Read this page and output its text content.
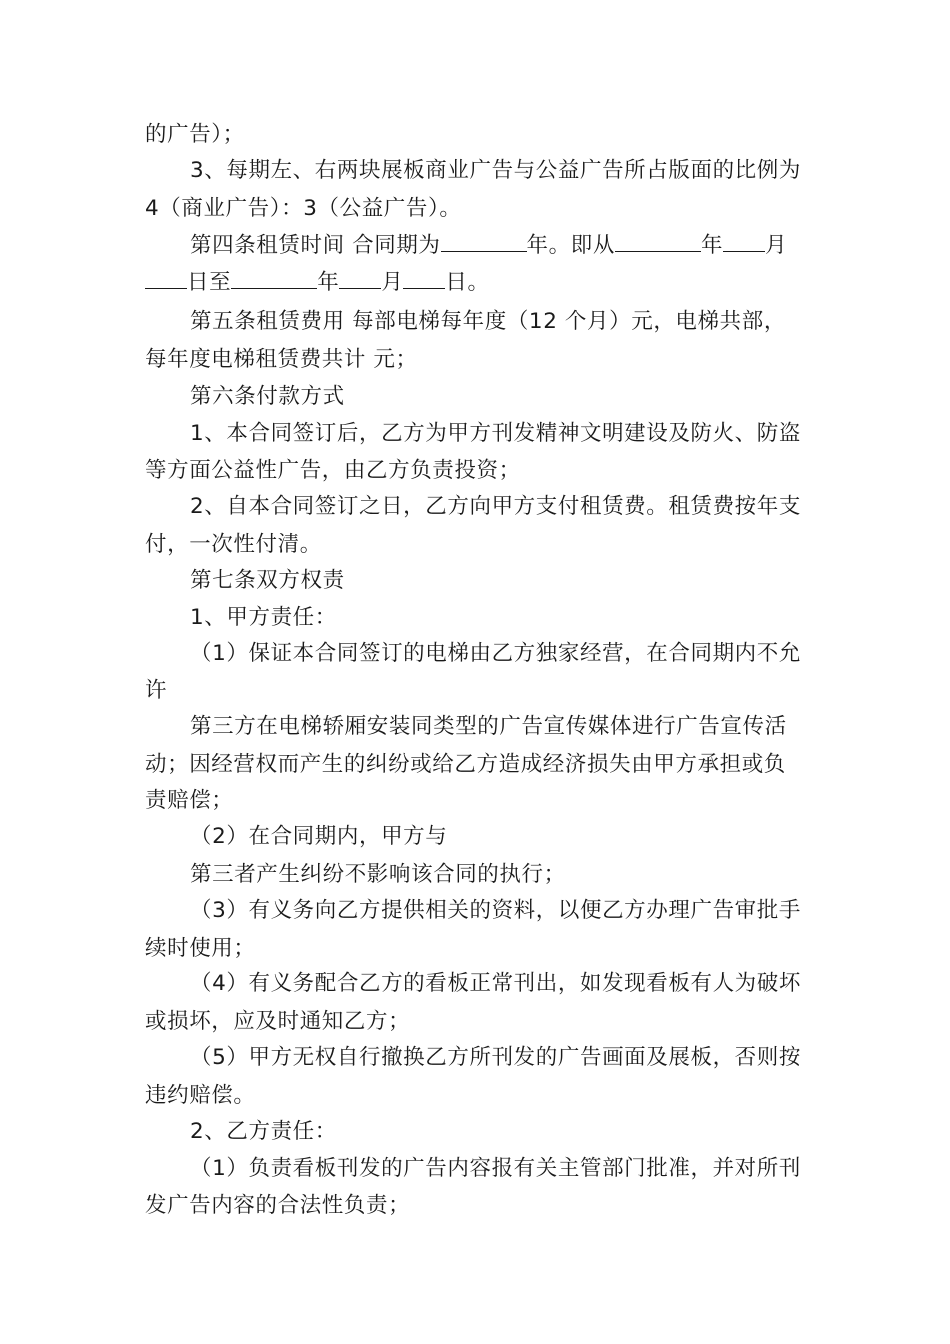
的广告）；
3、每期左、右两块展板商业广告与公益广告所占版面的比例为
4（商业广告）：3（公益广告）。
第四条租赁时间 合同期为	年。即从	年 月
日至	年 月 日。
第五条租赁费用 每部电梯每年度（12 个月）元，电梯共部，
每年度电梯租赁费共计 元；
第六条付款方式
1、本合同签订后，乙方为甲方刊发精神文明建设及防火、防盗
等方面公益性广告，由乙方负责投资；
2、自本合同签订之日，乙方向甲方支付租赁费。租赁费按年支
付，一次性付清。
第七条双方权责
1、甲方责任：
（1）保证本合同签订的电梯由乙方独家经营，在合同期内不允
许
第三方在电梯轿厢安装同类型的广告宣传媒体进行广告宣传活
动；因经营权而产生的纠纷或给乙方造成经济损失由甲方承担或负
责赔偿；
（2）在合同期内，甲方与
第三者产生纠纷不影响该合同的执行；
（3）有义务向乙方提供相关的资料，以便乙方办理广告审批手
续时使用；
（4）有义务配合乙方的看板正常刊出，如发现看板有人为破坏
或损坏，应及时通知乙方；
（5）甲方无权自行撤换乙方所刊发的广告画面及展板，否则按
违约赔偿。
2、乙方责任：
（1）负责看板刊发的广告内容报有关主管部门批准，并对所刊
发广告内容的合法性负责；
